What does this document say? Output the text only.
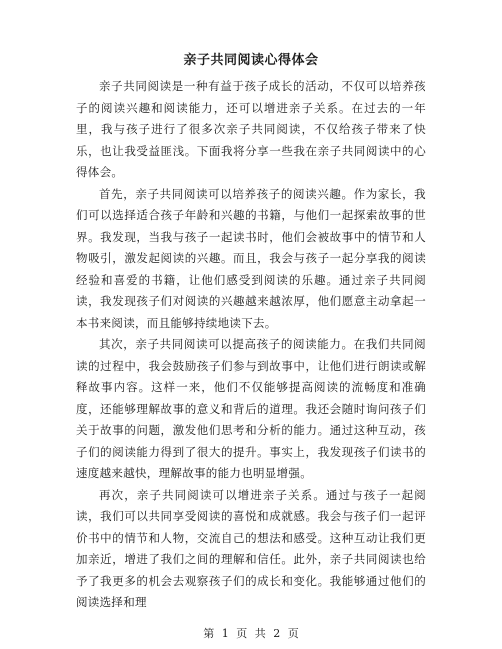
亲子共同阅读心得体会

亲子共同阅读是一种有益于孩子成长的活动，不仅可以培养孩子的阅读兴趣和阅读能力，还可以增进亲子关系。在过去的一年里，我与孩子进行了很多次亲子共同阅读，不仅给孩子带来了快乐，也让我受益匪浅。下面我将分享一些我在亲子共同阅读中的心得体会。

首先，亲子共同阅读可以培养孩子的阅读兴趣。作为家长，我们可以选择适合孩子年龄和兴趣的书籍，与他们一起探索故事的世界。我发现，当我与孩子一起读书时，他们会被故事中的情节和人物吸引，激发起阅读的兴趣。而且，我会与孩子一起分享我的阅读经验和喜爱的书籍，让他们感受到阅读的乐趣。通过亲子共同阅读，我发现孩子们对阅读的兴趣越来越浓厚，他们愿意主动拿起一本书来阅读，而且能够持续地读下去。

其次，亲子共同阅读可以提高孩子的阅读能力。在我们共同阅读的过程中，我会鼓励孩子们参与到故事中，让他们进行朗读或解释故事内容。这样一来，他们不仅能够提高阅读的流畅度和准确度，还能够理解故事的意义和背后的道理。我还会随时询问孩子们关于故事的问题，激发他们思考和分析的能力。通过这种互动，孩子们的阅读能力得到了很大的提升。事实上，我发现孩子们读书的速度越来越快，理解故事的能力也明显增强。

再次，亲子共同阅读可以增进亲子关系。通过与孩子一起阅读，我们可以共同享受阅读的喜悦和成就感。我会与孩子们一起评价书中的情节和人物，交流自己的想法和感受。这种互动让我们更加亲近，增进了我们之间的理解和信任。此外，亲子共同阅读也给予了我更多的机会去观察孩子们的成长和变化。我能够通过他们的阅读选择和理

第 1 页 共 2 页
